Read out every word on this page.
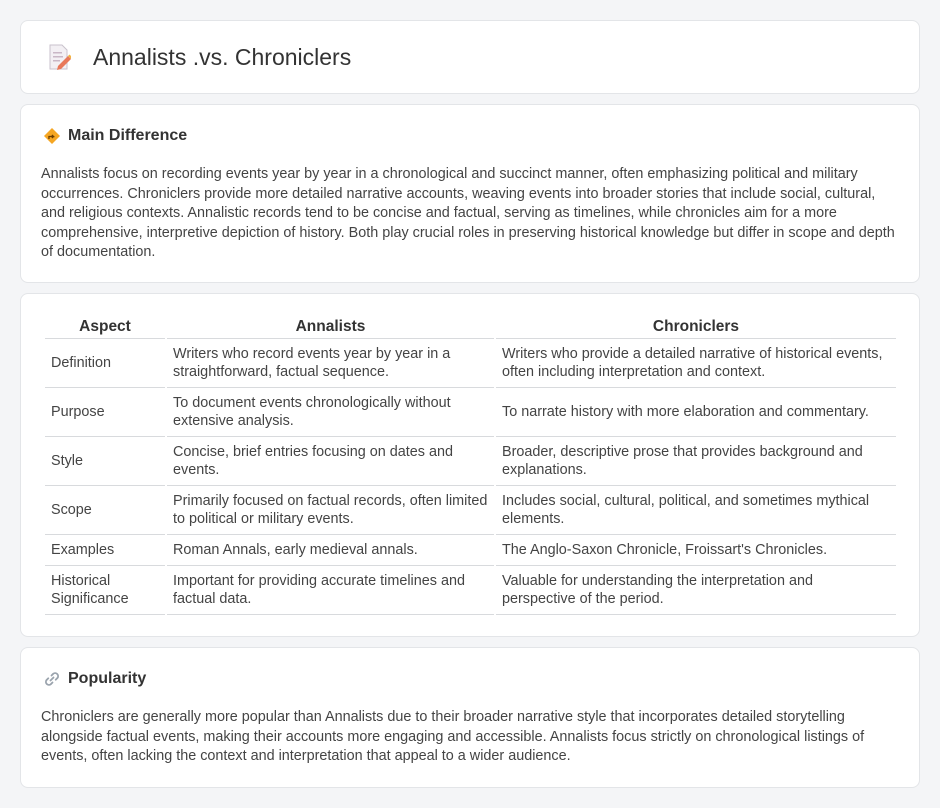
Annalists .vs. Chroniclers
Main Difference

Annalists focus on recording events year by year in a chronological and succinct manner, often emphasizing political and military occurrences. Chroniclers provide more detailed narrative accounts, weaving events into broader stories that include social, cultural, and religious contexts. Annalistic records tend to be concise and factual, serving as timelines, while chronicles aim for a more comprehensive, interpretive depiction of history. Both play crucial roles in preserving historical knowledge but differ in scope and depth of documentation.

Aspect	Annalists	Chroniclers
Definition	Writers who record events year by year in a straightforward, factual sequence.	Writers who provide a detailed narrative of historical events, often including interpretation and context.
Purpose	To document events chronologically without extensive analysis.	To narrate history with more elaboration and commentary.
Style	Concise, brief entries focusing on dates and events.	Broader, descriptive prose that provides background and explanations.
Scope	Primarily focused on factual records, often limited to political or military events.	Includes social, cultural, political, and sometimes mythical elements.
Examples	Roman Annals, early medieval annals.	The Anglo-Saxon Chronicle, Froissart's Chronicles.
Historical Significance	Important for providing accurate timelines and factual data.	Valuable for understanding the interpretation and perspective of the period.
Popularity

Chroniclers are generally more popular than Annalists due to their broader narrative style that incorporates detailed storytelling alongside factual events, making their accounts more engaging and accessible. Annalists focus strictly on chronological listings of events, often lacking the context and interpretation that appeal to a wider audience.
